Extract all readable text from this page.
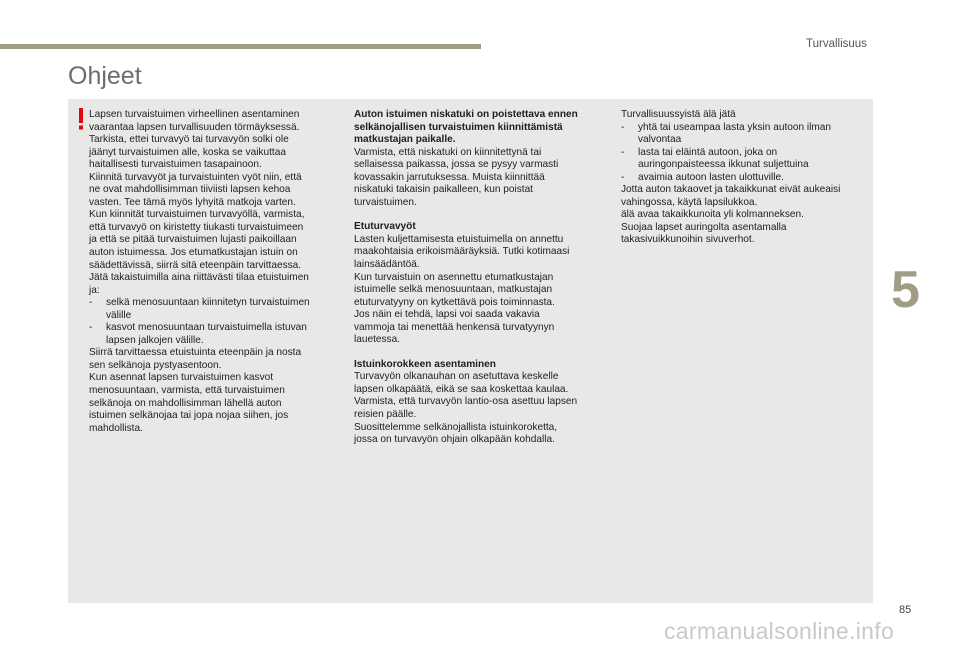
Turvallisuus
Ohjeet
5

Lapsen turvaistuimen virheellinen asentaminen

vaarantaa lapsen turvallisuuden törmäyksessä.

Tarkista, ettei turvavyö tai turvavyön solki ole

jäänyt turvaistuimen alle, koska se vaikuttaa

haitallisesti turvaistuimen tasapainoon.

Kiinnitä turvavyöt ja turvaistuinten vyöt niin, että

ne ovat mahdollisimman tiiviisti lapsen kehoa

vasten. Tee tämä myös lyhyitä matkoja varten.

Kun kiinnität turvaistuimen turvavyöllä, varmista,

että turvavyö on kiristetty tiukasti turvaistuimeen

ja että se pitää turvaistuimen lujasti paikoillaan

auton istuimessa. Jos etumatkustajan istuin on

säädettävissä, siirrä sitä eteenpäin tarvittaessa.

Jätä takaistuimilla aina riittävästi tilaa etuistuimen

ja:

- selkä menosuuntaan kiinnitetyn turvaistuimen välille
- kasvot menosuuntaan turvaistuimella istuvan lapsen jalkojen välille.

Siirrä tarvittaessa etuistuinta eteenpäin ja nosta

sen selkänoja pystyasentoon.

Kun asennat lapsen turvaistuimen kasvot

menosuuntaan, varmista, että turvaistuimen

selkänoja on mahdollisimman lähellä auton

istuimen selkänojaa tai jopa nojaa siihen, jos

mahdollista.

Auton istuimen niskatuki on poistettava ennen

selkänojallisen turvaistuimen kiinnittämistä

matkustajan paikalle.

Varmista, että niskatuki on kiinnitettynä tai

sellaisessa paikassa, jossa se pysyy varmasti

kovassakin jarrutuksessa. Muista kiinnittää

niskatuki takaisin paikalleen, kun poistat

turvaistuimen.

Etuturvavyöt

Lasten kuljettamisesta etuistuimella on annettu

maakohtaisia erikoismääräyksiä. Tutki kotimaasi

lainsäädäntöä.

Kun turvaistuin on asennettu etumatkustajan

istuimelle selkä menosuuntaan, matkustajan

etuturvatyyny on kytkettävä pois toiminnasta.

Jos näin ei tehdä, lapsi voi saada vakavia

vammoja tai menettää henkensä turvatyynyn

lauetessa.

Istuinkorokkeen asentaminen

Turvavyön olkanauhan on asetuttava keskelle

lapsen olkapäätä, eikä se saa koskettaa kaulaa.

Varmista, että turvavyön lantio-osa asettuu lapsen

reisien päälle.

Suosittelemme selkänojallista istuinkoroketta,

jossa on turvavyön ohjain olkapään kohdalla.

Turvallisuussyistä älä jätä

- yhtä tai useampaa lasta yksin autoon ilman valvontaa
- lasta tai eläintä autoon, joka on auringonpaisteessa ikkunat suljettuina
- avaimia autoon lasten ulottuville.

Jotta auton takaovet ja takaikkunat eivät aukeaisi

vahingossa, käytä lapsilukkoa.

älä avaa takaikkunoita yli kolmanneksen.

Suojaa lapset auringolta asentamalla

takasivuikkunoihin sivuverhot.

85
carmanualsonline.info
